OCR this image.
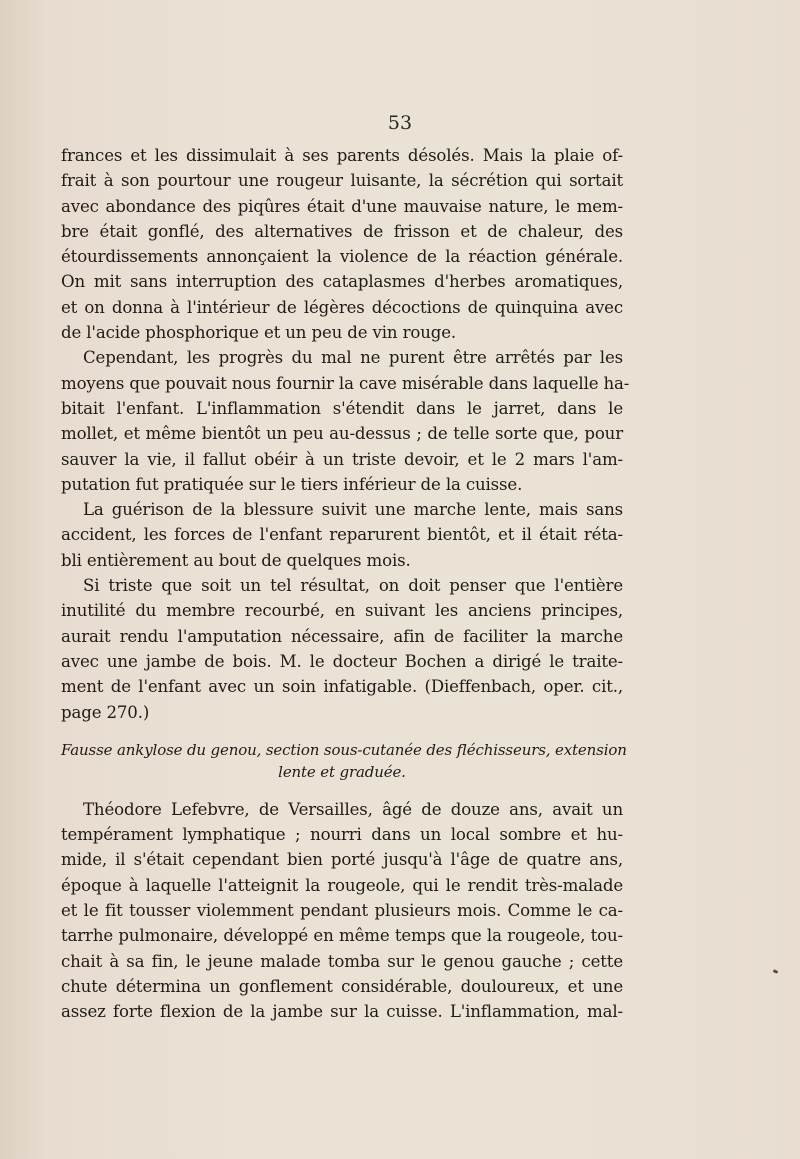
53
frances et les dissimulait à ses parents désolés. Mais la plaie of-
frait à son pourtour une rougeur luisante, la sécrétion qui sortait
avec abondance des piqûres était d'une mauvaise nature, le mem-
bre était gonflé, des alternatives de frisson et de chaleur, des
étourdissements annonçaient la violence de la réaction générale.
On mit sans interruption des cataplasmes d'herbes aromatiques,
et on donna à l'intérieur de légères décoctions de quinquina avec
de l'acide phosphorique et un peu de vin rouge.
Cependant, les progrès du mal ne purent être arrêtés par les
moyens que pouvait nous fournir la cave misérable dans laquelle ha-
bitait l'enfant. L'inflammation s'étendit dans le jarret, dans le
mollet, et même bientôt un peu au-dessus ; de telle sorte que, pour
sauver la vie, il fallut obéir à un triste devoir, et le 2 mars l'am-
putation fut pratiquée sur le tiers inférieur de la cuisse.
La guérison de la blessure suivit une marche lente, mais sans
accident, les forces de l'enfant reparurent bientôt, et il était réta-
bli entièrement au bout de quelques mois.
Si triste que soit un tel résultat, on doit penser que l'entière
inutilité du membre recourbé, en suivant les anciens principes,
aurait rendu l'amputation nécessaire, afin de faciliter la marche
avec une jambe de bois. M. le docteur Bochen a dirigé le traite-
ment de l'enfant avec un soin infatigable. (Dieffenbach, oper. cit.,
page 270.)
Fausse ankylose du genou, section sous-cutanée des fléchisseurs, extension
lente et graduée.
Théodore Lefebvre, de Versailles, âgé de douze ans, avait un
tempérament lymphatique ; nourri dans un local sombre et hu-
mide, il s'était cependant bien porté jusqu'à l'âge de quatre ans,
époque à laquelle l'atteignit la rougeole, qui le rendit très-malade
et le fit tousser violemment pendant plusieurs mois. Comme le ca-
tarrhe pulmonaire, développé en même temps que la rougeole, tou-
chait à sa fin, le jeune malade tomba sur le genou gauche ; cette
chute détermina un gonflement considérable, douloureux, et une
assez forte flexion de la jambe sur la cuisse. L'inflammation, mal-
